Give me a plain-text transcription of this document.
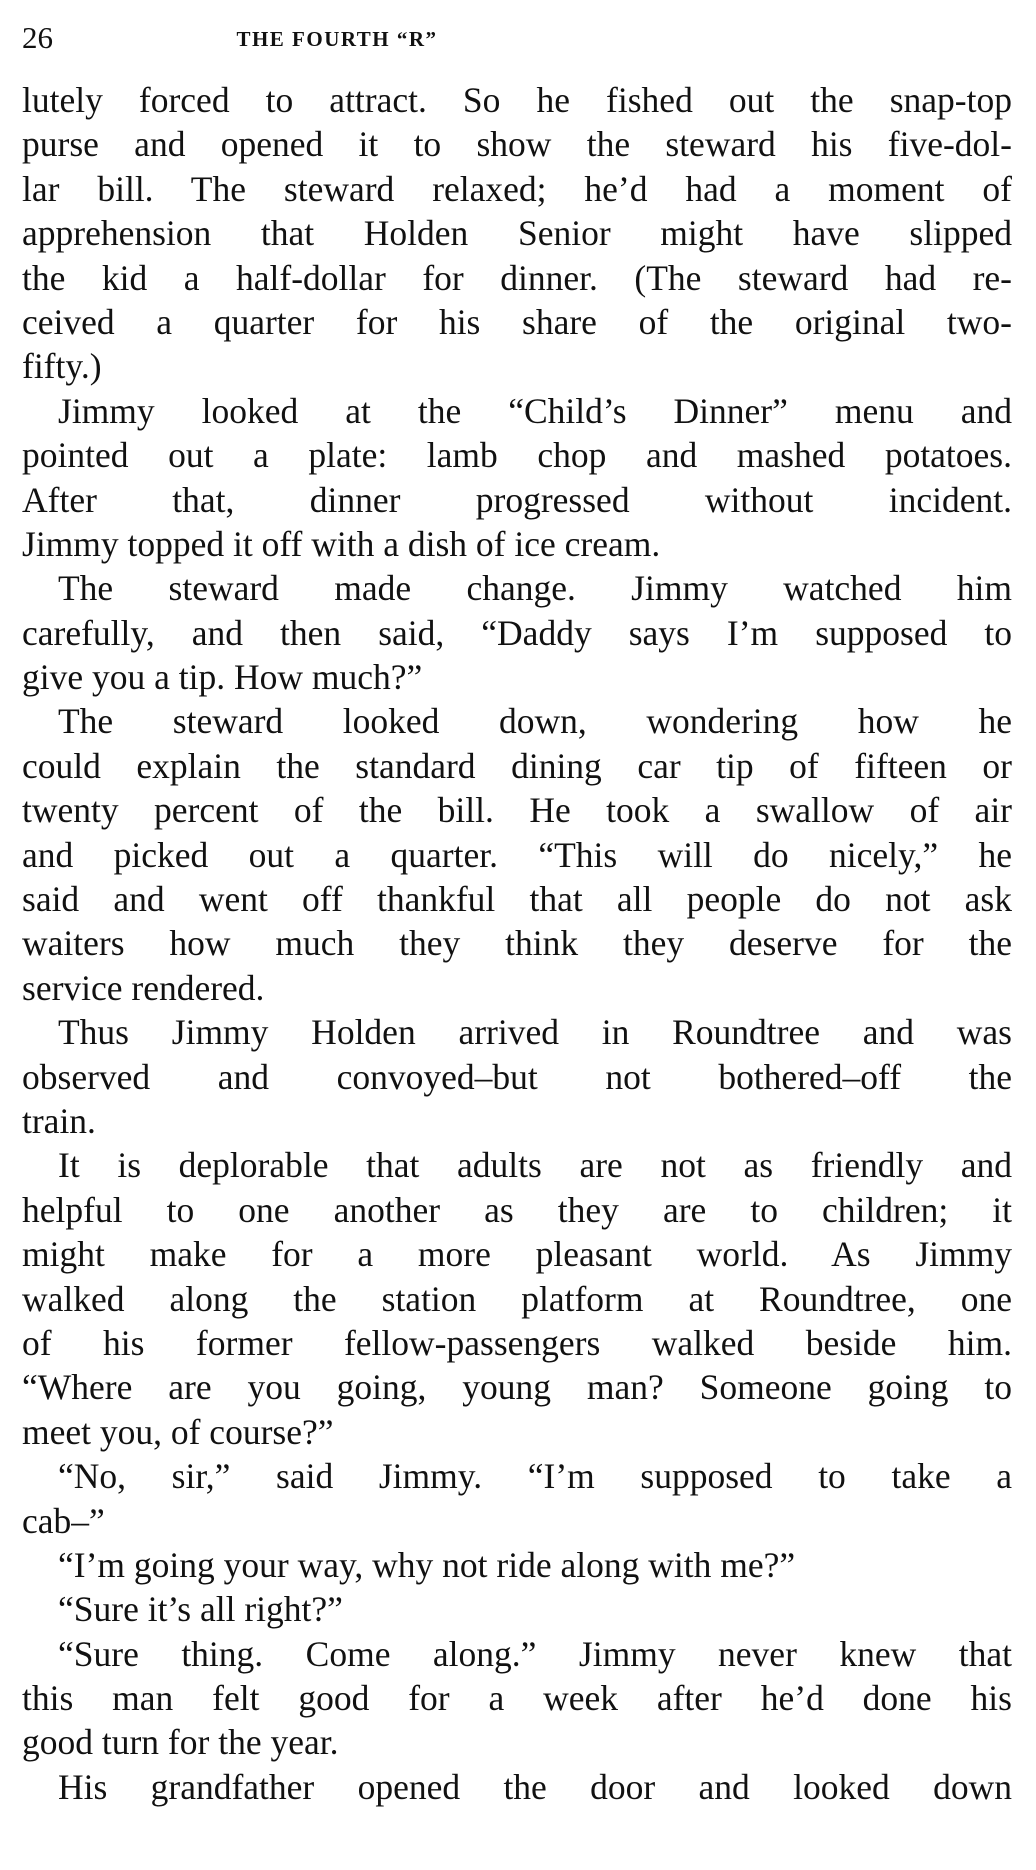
26	THE FOURTH “R”
lutely forced to attract. So he fished out the snap-top
purse and opened it to show the steward his five-dol-
lar bill. The steward relaxed; he’d had a moment of
apprehension that Holden Senior might have slipped
the kid a half-dollar for dinner. (The steward had re-
ceived a quarter for his share of the original two-
fifty.)
Jimmy looked at the “Child’s Dinner” menu and
pointed out a plate: lamb chop and mashed potatoes.
After that, dinner progressed without incident.
Jimmy topped it off with a dish of ice cream.
The steward made change. Jimmy watched him
carefully, and then said, “Daddy says I’m supposed to
give you a tip. How much?”
The steward looked down, wondering how he
could explain the standard dining car tip of fifteen or
twenty percent of the bill. He took a swallow of air
and picked out a quarter. “This will do nicely,” he
said and went off thankful that all people do not ask
waiters how much they think they deserve for the
service rendered.
Thus Jimmy Holden arrived in Roundtree and was
observed and convoyed–but not bothered–off the
train.
It is deplorable that adults are not as friendly and
helpful to one another as they are to children; it
might make for a more pleasant world. As Jimmy
walked along the station platform at Roundtree, one
of his former fellow-passengers walked beside him.
“Where are you going, young man? Someone going to
meet you, of course?”
“No, sir,” said Jimmy. “I’m supposed to take a
cab–”
“I’m going your way, why not ride along with me?”
“Sure it’s all right?”
“Sure thing. Come along.” Jimmy never knew that
this man felt good for a week after he’d done his
good turn for the year.
His grandfather opened the door and looked down
